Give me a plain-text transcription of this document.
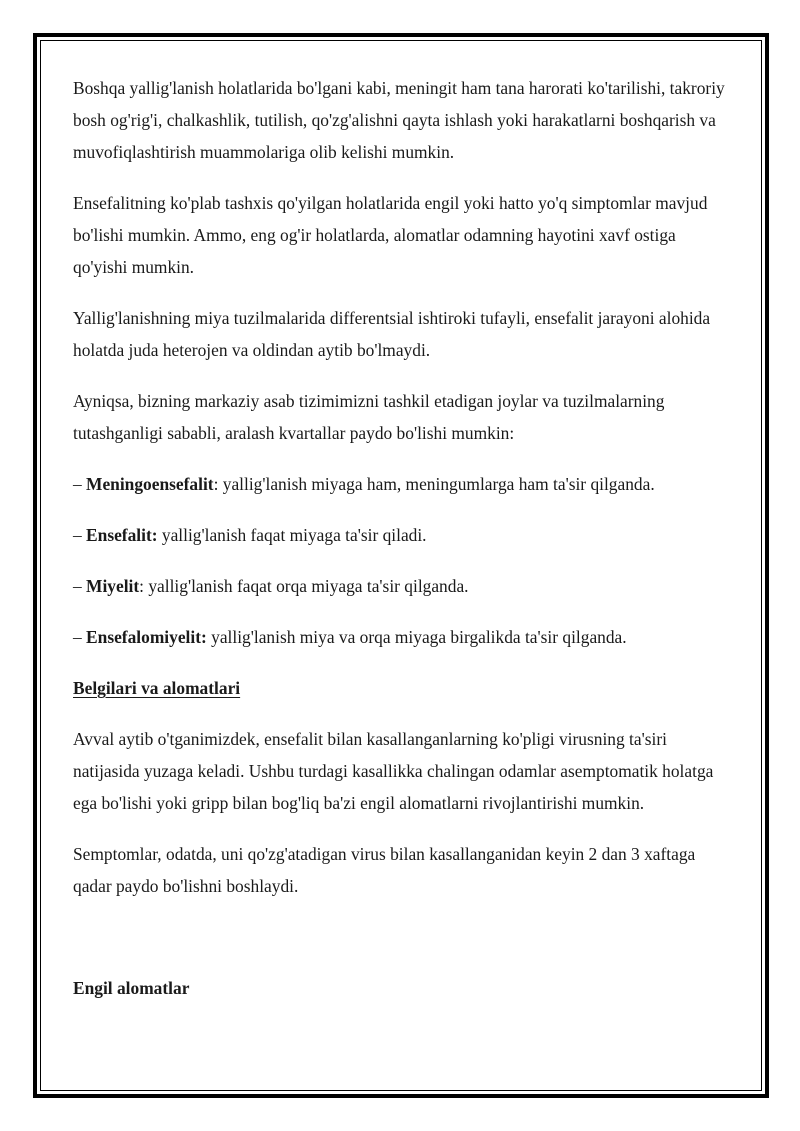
Boshqa yallig'lanish holatlarida bo'lgani kabi, meningit ham tana harorati ko'tarilishi, takroriy bosh og'rig'i, chalkashlik, tutilish, qo'zg'alishni qayta ishlash yoki harakatlarni boshqarish va muvofiqlashtirish muammolariga olib kelishi mumkin.

Ensefalitning ko'plab tashxis qo'yilgan holatlarida engil yoki hatto yo'q simptomlar mavjud bo'lishi mumkin. Ammo, eng og'ir holatlarda, alomatlar odamning hayotini xavf ostiga qo'yishi mumkin.

Yallig'lanishning miya tuzilmalarida differentsial ishtiroki tufayli, ensefalit jarayoni alohida holatda juda heterojen va oldindan aytib bo'lmaydi.

Ayniqsa, bizning markaziy asab tizimimizni tashkil etadigan joylar va tuzilmalarning tutashganligi sababli, aralash kvartallar paydo bo'lishi mumkin:

– Meningoensefalit: yallig'lanish miyaga ham, meningumlarga ham ta'sir qilganda.

– Ensefalit: yallig'lanish faqat miyaga ta'sir qiladi.

– Miyelit: yallig'lanish faqat orqa miyaga ta'sir qilganda.

– Ensefalomiyelit: yallig'lanish miya va orqa miyaga birgalikda ta'sir qilganda.

Belgilari va alomatlari

Avval aytib o'tganimizdek, ensefalit bilan kasallanganlarning ko'pligi virusning ta'siri natijasida yuzaga keladi. Ushbu turdagi kasallikka chalingan odamlar asemptomatik holatga ega bo'lishi yoki gripp bilan bog'liq ba'zi engil alomatlarni rivojlantirishi mumkin.

Semptomlar, odatda, uni qo'zg'atadigan virus bilan kasallanganidan keyin 2 dan 3 xaftaga qadar paydo bo'lishni boshlaydi.

Engil alomatlar
